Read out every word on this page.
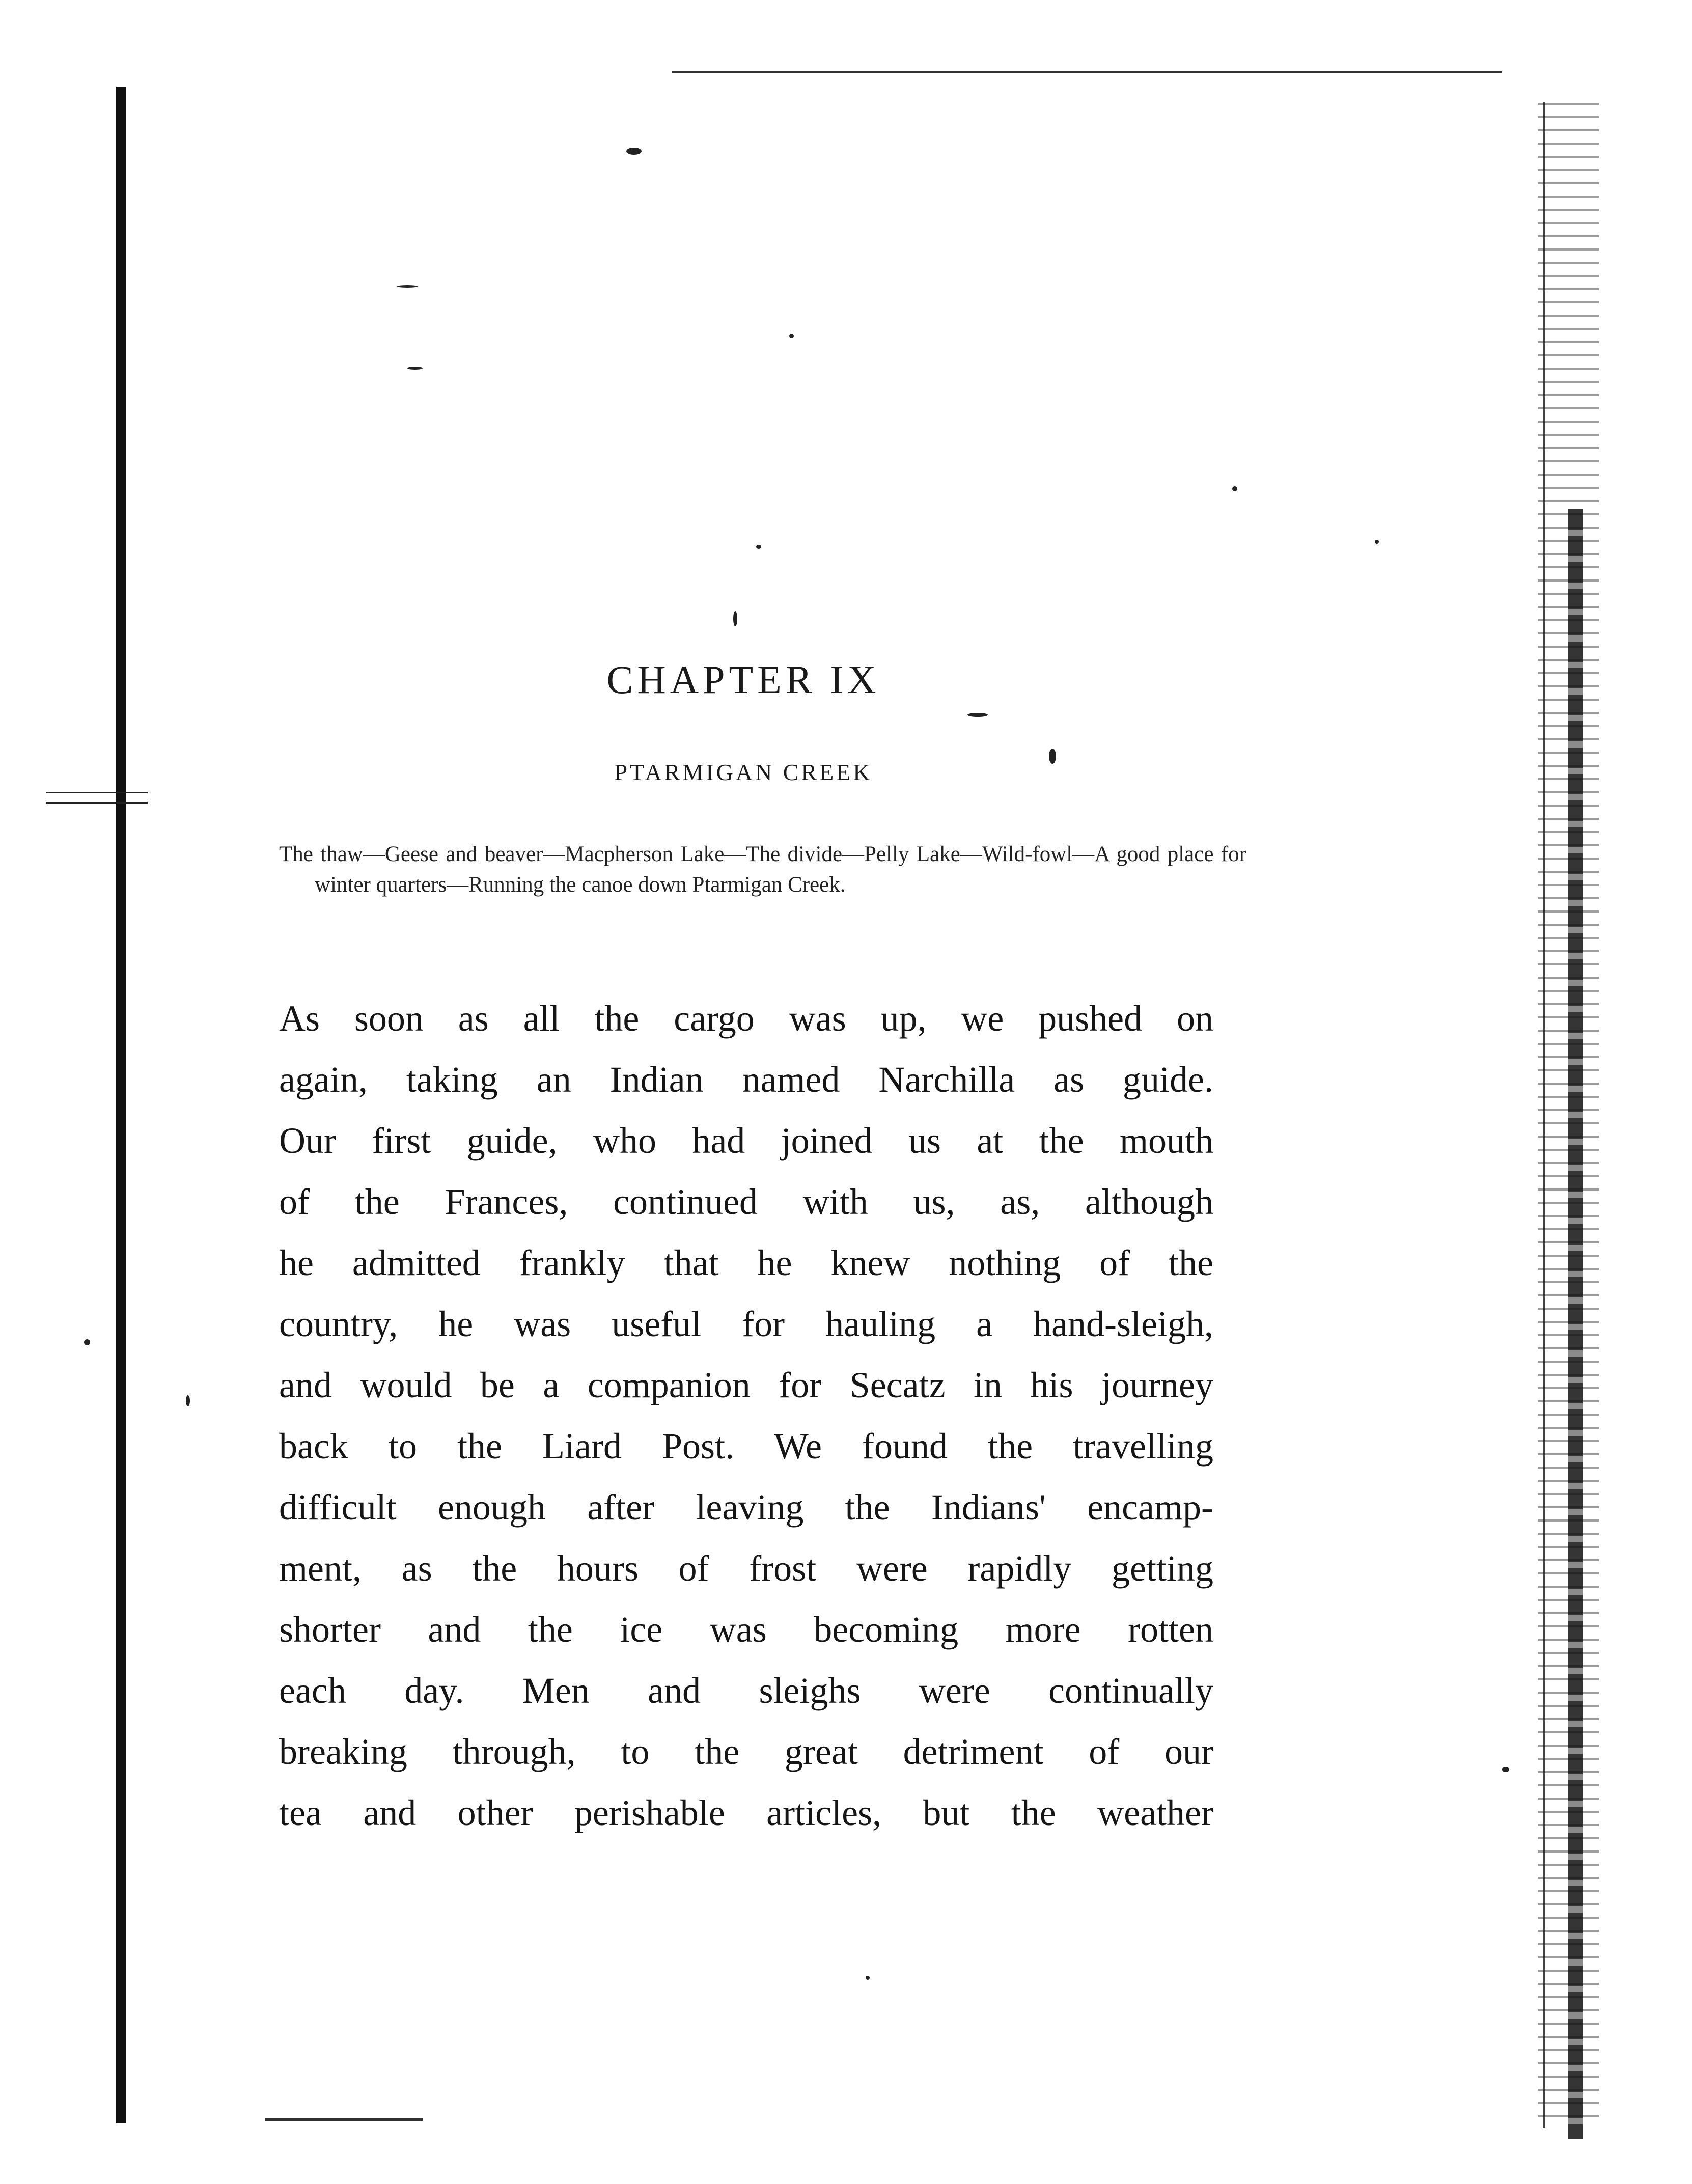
CHAPTER IX
PTARMIGAN CREEK

The thaw—Geese and beaver—Macpherson Lake—The divide—Pelly Lake—Wild-fowl—A good place for winter quarters—Running the canoe down Ptarmigan Creek.

As soon as all the cargo was up, we pushed on
again, taking an Indian named Narchilla as guide.
Our first guide, who had joined us at the mouth
of the Frances, continued with us, as, although
he admitted frankly that he knew nothing of the
country, he was useful for hauling a hand-sleigh,
and would be a companion for Secatz in his journey
back to the Liard Post. We found the travelling
difficult enough after leaving the Indians' encamp-
ment, as the hours of frost were rapidly getting
shorter and the ice was becoming more rotten
each day. Men and sleighs were continually
breaking through, to the great detriment of our
tea and other perishable articles, but the weather
